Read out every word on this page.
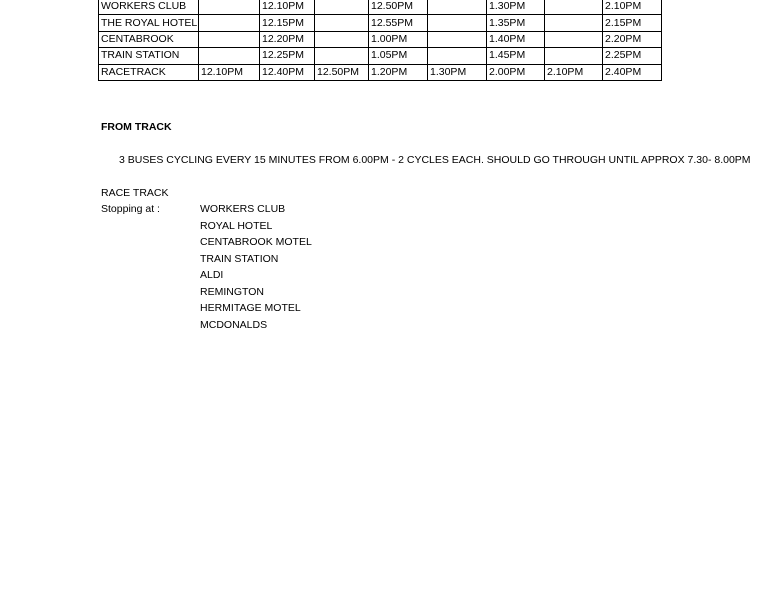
WORKERS CLUB		12.10PM		12.50PM		1.30PM		2.10PM
THE ROYAL HOTEL		12.15PM		12.55PM		1.35PM		2.15PM
CENTABROOK		12.20PM		1.00PM		1.40PM		2.20PM
TRAIN STATION		12.25PM		1.05PM		1.45PM		2.25PM
RACETRACK	12.10PM	12.40PM	12.50PM	1.20PM	1.30PM	2.00PM	2.10PM	2.40PM
FROM TRACK
3 BUSES CYCLING EVERY 15 MINUTES FROM 6.00PM - 2 CYCLES EACH. SHOULD GO THROUGH UNTIL APPROX 7.30- 8.00PM
RACE TRACK
Stopping at :	WORKERS CLUB
ROYAL HOTEL
CENTABROOK MOTEL
TRAIN STATION
ALDI
REMINGTON
HERMITAGE MOTEL
MCDONALDS
